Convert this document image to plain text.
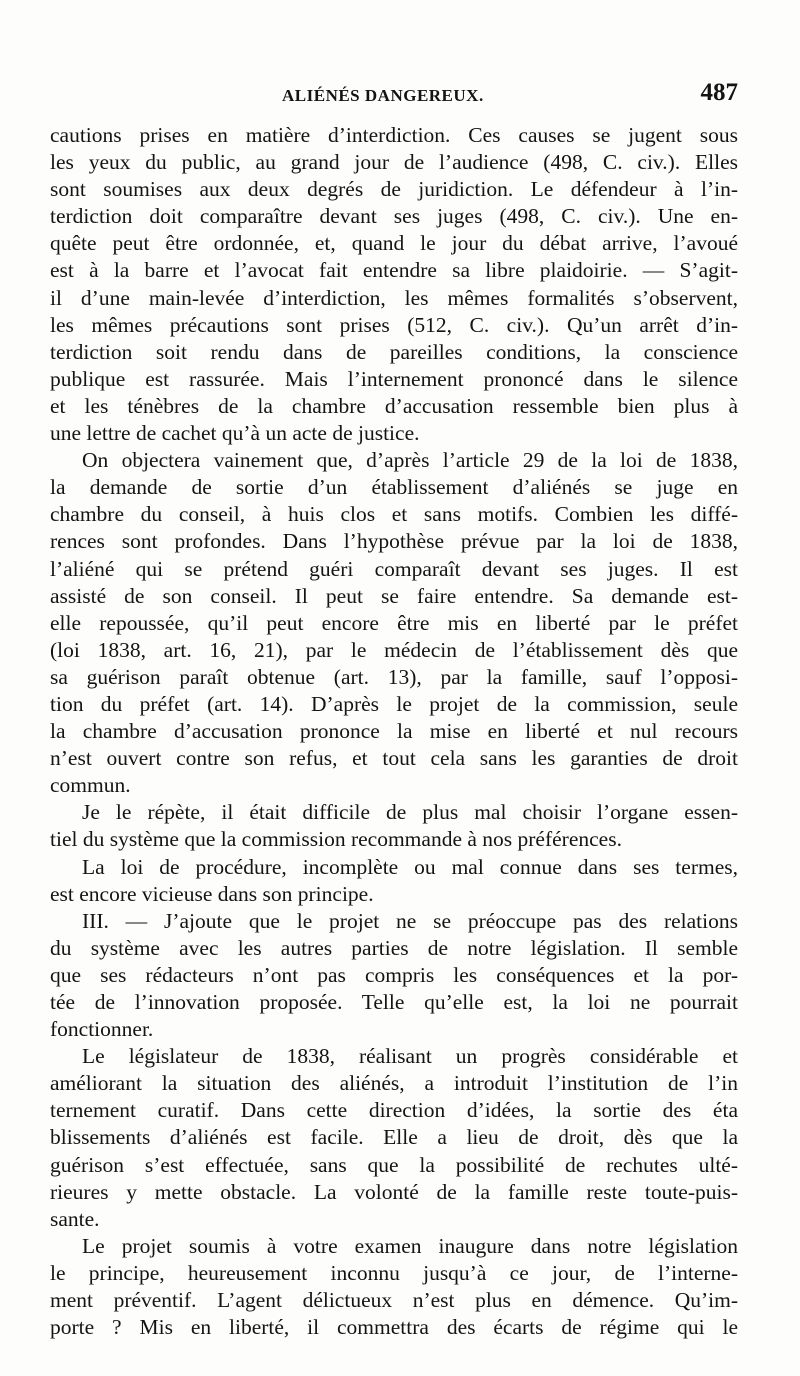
ALIÉNÉS DANGEREUX.	487
cautions prises en matière d’interdiction. Ces causes se jugent sous
les yeux du public, au grand jour de l’audience (498, C. civ.). Elles
sont soumises aux deux degrés de juridiction. Le défendeur à l’in-
terdiction doit comparaître devant ses juges (498, C. civ.). Une en-
quête peut être ordonnée, et, quand le jour du débat arrive, l’avoué
est à la barre et l’avocat fait entendre sa libre plaidoirie. — S’agit-
il d’une main-levée d’interdiction, les mêmes formalités s’observent,
les mêmes précautions sont prises (512, C. civ.). Qu’un arrêt d’in-
terdiction soit rendu dans de pareilles conditions, la conscience
publique est rassurée. Mais l’internement prononcé dans le silence
et les ténèbres de la chambre d’accusation ressemble bien plus à
une lettre de cachet qu’à un acte de justice.
On objectera vainement que, d’après l’article 29 de la loi de 1838,
la demande de sortie d’un établissement d’aliénés se juge en
chambre du conseil, à huis clos et sans motifs. Combien les diffé-
rences sont profondes. Dans l’hypothèse prévue par la loi de 1838,
l’aliéné qui se prétend guéri comparaît devant ses juges. Il est
assisté de son conseil. Il peut se faire entendre. Sa demande est-
elle repoussée, qu’il peut encore être mis en liberté par le préfet
(loi 1838, art. 16, 21), par le médecin de l’établissement dès que
sa guérison paraît obtenue (art. 13), par la famille, sauf l’opposi-
tion du préfet (art. 14). D’après le projet de la commission, seule
la chambre d’accusation prononce la mise en liberté et nul recours
n’est ouvert contre son refus, et tout cela sans les garanties de droit
commun.
Je le répète, il était difficile de plus mal choisir l’organe essen-
tiel du système que la commission recommande à nos préférences.
La loi de procédure, incomplète ou mal connue dans ses termes,
est encore vicieuse dans son principe.
III. — J’ajoute que le projet ne se préoccupe pas des relations
du système avec les autres parties de notre législation. Il semble
que ses rédacteurs n’ont pas compris les conséquences et la por-
tée de l’innovation proposée. Telle qu’elle est, la loi ne pourrait
fonctionner.
Le législateur de 1838, réalisant un progrès considérable et
améliorant la situation des aliénés, a introduit l’institution de l’in
ternement curatif. Dans cette direction d’idées, la sortie des éta
blissements d’aliénés est facile. Elle a lieu de droit, dès que la
guérison s’est effectuée, sans que la possibilité de rechutes ulté-
rieures y mette obstacle. La volonté de la famille reste toute-puis-
sante.
Le projet soumis à votre examen inaugure dans notre législation
le principe, heureusement inconnu jusqu’à ce jour, de l’interne-
ment préventif. L’agent délictueux n’est plus en démence. Qu’im-
porte ? Mis en liberté, il commettra des écarts de régime qui le
